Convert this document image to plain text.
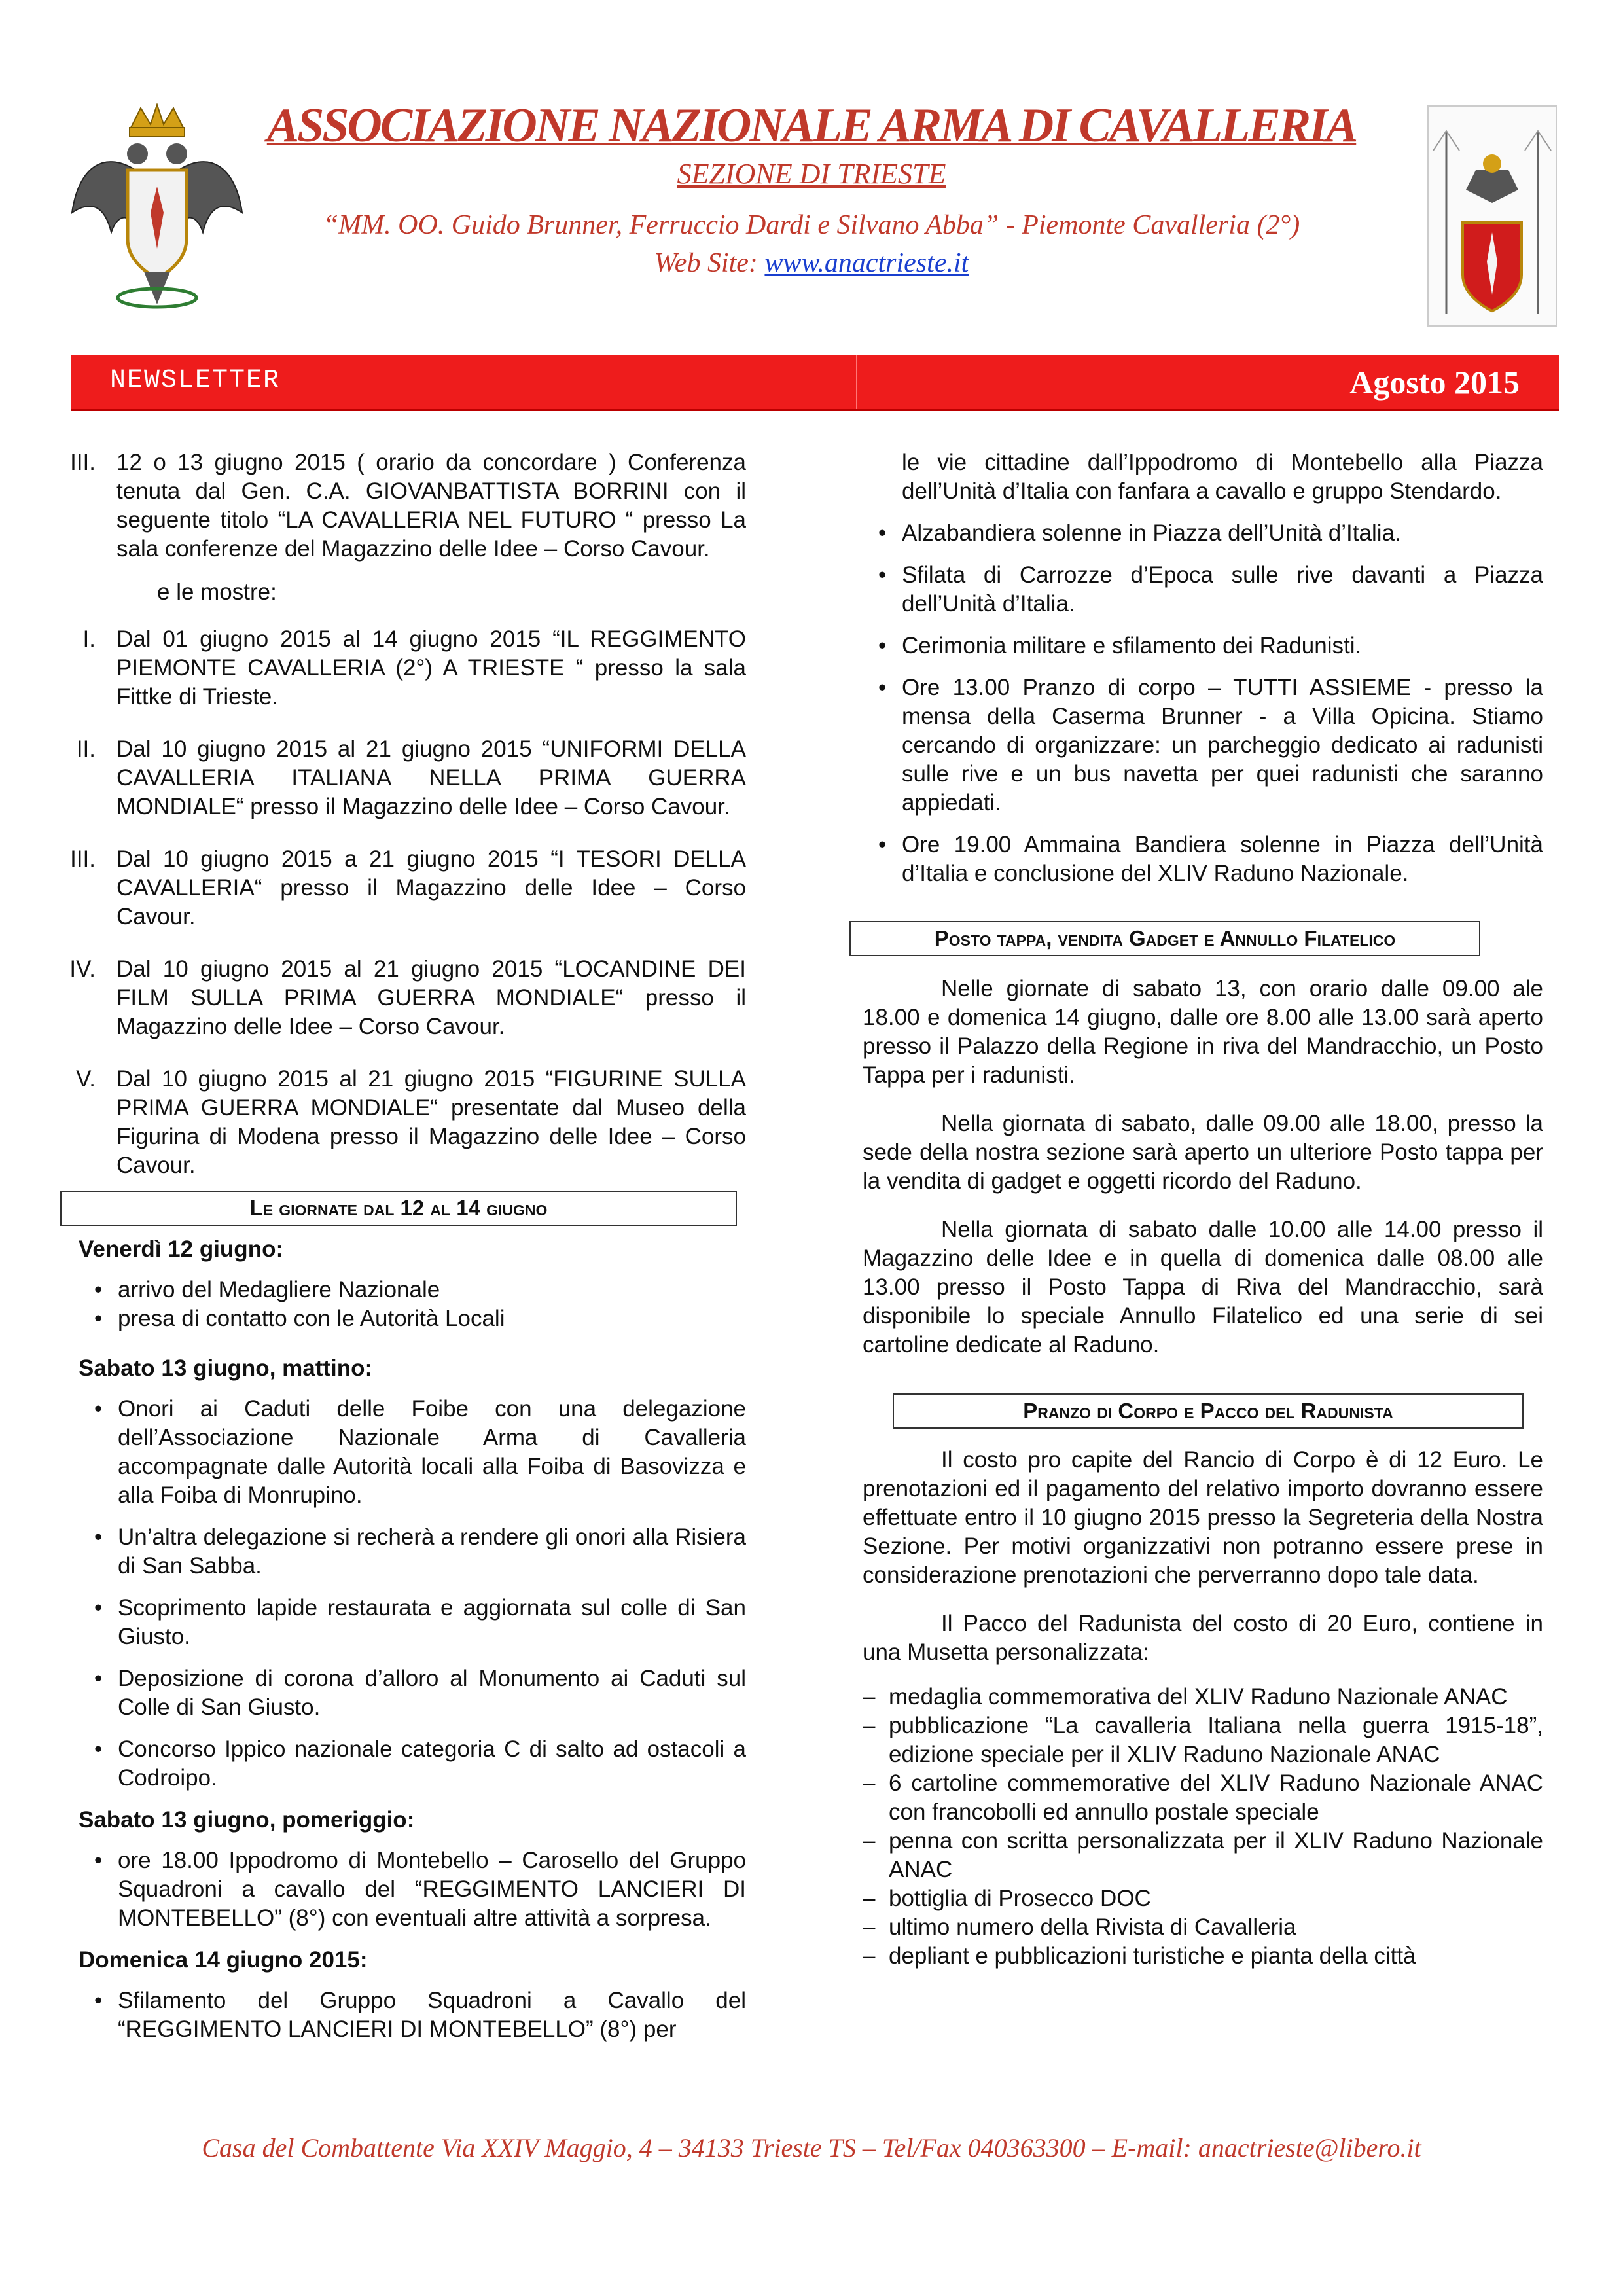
ASSOCIAZIONE NAZIONALE ARMA DI CAVALLERIA
SEZIONE DI TRIESTE
“MM. OO. Guido Brunner, Ferruccio Dardi e Silvano Abba” - Piemonte Cavalleria (2°)
Web Site: www.anactrieste.it
NEWSLETTER	Agosto 2015
III. 12 o 13 giugno 2015 ( orario da concordare ) Conferenza tenuta dal Gen. C.A. GIOVANBATTISTA BORRINI con il seguente titolo “LA CAVALLERIA NEL FUTURO “ presso La sala conferenze del Magazzino delle Idee – Corso Cavour.
e le mostre:
I. Dal 01 giugno 2015 al 14 giugno 2015 “IL REGGIMENTO PIEMONTE CAVALLERIA (2°) A TRIESTE “ presso la sala Fittke di Trieste.
II. Dal 10 giugno 2015 al 21 giugno 2015 “UNIFORMI DELLA CAVALLERIA ITALIANA NELLA PRIMA GUERRA MONDIALE“ presso il Magazzino delle Idee – Corso Cavour.
III. Dal 10 giugno 2015 a 21 giugno 2015 “I TESORI DELLA CAVALLERIA“ presso il Magazzino delle Idee – Corso Cavour.
IV. Dal 10 giugno 2015 al 21 giugno 2015 “LOCANDINE DEI FILM SULLA PRIMA GUERRA MONDIALE“ presso il Magazzino delle Idee – Corso Cavour.
V. Dal 10 giugno 2015 al 21 giugno 2015 “FIGURINE SULLA PRIMA GUERRA MONDIALE“ presentate dal Museo della Figurina di Modena presso il Magazzino delle Idee – Corso Cavour.
Le giornate dal 12 al 14 giugno
Venerdì 12 giugno:
• arrivo del Medagliere Nazionale
• presa di contatto con le Autorità Locali
Sabato 13 giugno, mattino:
• Onori ai Caduti delle Foibe con una delegazione dell’Associazione Nazionale Arma di Cavalleria accompagnate dalle Autorità locali alla Foiba di Basovizza e alla Foiba di Monrupino.
• Un’altra delegazione si recherà a rendere gli onori alla Risiera di San Sabba.
• Scoprimento lapide restaurata e aggiornata sul colle di San Giusto.
• Deposizione di corona d’alloro al Monumento ai Caduti sul Colle di San Giusto.
• Concorso Ippico nazionale categoria C di salto ad ostacoli a Codroipo.
Sabato 13 giugno, pomeriggio:
• ore 18.00 Ippodromo di Montebello – Carosello del Gruppo Squadroni a cavallo del “REGGIMENTO LANCIERI DI MONTEBELLO” (8°) con eventuali altre attività a sorpresa.
Domenica 14 giugno 2015:
• Sfilamento del Gruppo Squadroni a Cavallo del “REGGIMENTO LANCIERI DI MONTEBELLO” (8°) per
le vie cittadine dall’Ippodromo di Montebello alla Piazza dell’Unità d’Italia con fanfara a cavallo e gruppo Stendardo.
• Alzabandiera solenne in Piazza dell’Unità d’Italia.
• Sfilata di Carrozze d’Epoca sulle rive davanti a Piazza dell’Unità d’Italia.
• Cerimonia militare e sfilamento dei Radunisti.
• Ore 13.00 Pranzo di corpo – TUTTI ASSIEME - presso la mensa della Caserma Brunner - a Villa Opicina. Stiamo cercando di organizzare: un parcheggio dedicato ai radunisti sulle rive e un bus navetta per quei radunisti che saranno appiedati.
• Ore 19.00 Ammaina Bandiera solenne in Piazza dell’Unità d’Italia e conclusione del XLIV Raduno Nazionale.
Posto tappa, vendita Gadget e Annullo Filatelico
Nelle giornate di sabato 13, con orario dalle 09.00 ale 18.00 e domenica 14 giugno, dalle ore 8.00 alle 13.00 sarà aperto presso il Palazzo della Regione in riva del Mandracchio, un Posto Tappa per i radunisti.
Nella giornata di sabato, dalle 09.00 alle 18.00, presso la sede della nostra sezione sarà aperto un ulteriore Posto tappa per la vendita di gadget e oggetti ricordo del Raduno.
Nella giornata di sabato dalle 10.00 alle 14.00 presso il Magazzino delle Idee e in quella di domenica dalle 08.00 alle 13.00 presso il Posto Tappa di Riva del Mandracchio, sarà disponibile lo speciale Annullo Filatelico ed una serie di sei cartoline dedicate al Raduno.
Pranzo di Corpo e Pacco del Radunista
Il costo pro capite del Rancio di Corpo è di 12 Euro. Le prenotazioni ed il pagamento del relativo importo dovranno essere effettuate entro il 10 giugno 2015 presso la Segreteria della Nostra Sezione. Per motivi organizzativi non potranno essere prese in considerazione prenotazioni che perverranno dopo tale data.
Il Pacco del Radunista del costo di 20 Euro, contiene in una Musetta personalizzata:
– medaglia commemorativa del XLIV Raduno Nazionale ANAC
– pubblicazione “La cavalleria Italiana nella guerra 1915-18”, edizione speciale per il XLIV Raduno Nazionale ANAC
– 6 cartoline commemorative del XLIV Raduno Nazionale ANAC con francobolli ed annullo postale speciale
– penna con scritta personalizzata per il XLIV Raduno Nazionale ANAC
– bottiglia di Prosecco DOC
– ultimo numero della Rivista di Cavalleria
– depliant e pubblicazioni turistiche e pianta della città
Casa del Combattente Via XXIV Maggio, 4 – 34133 Trieste TS – Tel/Fax 040363300 – E-mail: anactrieste@libero.it
